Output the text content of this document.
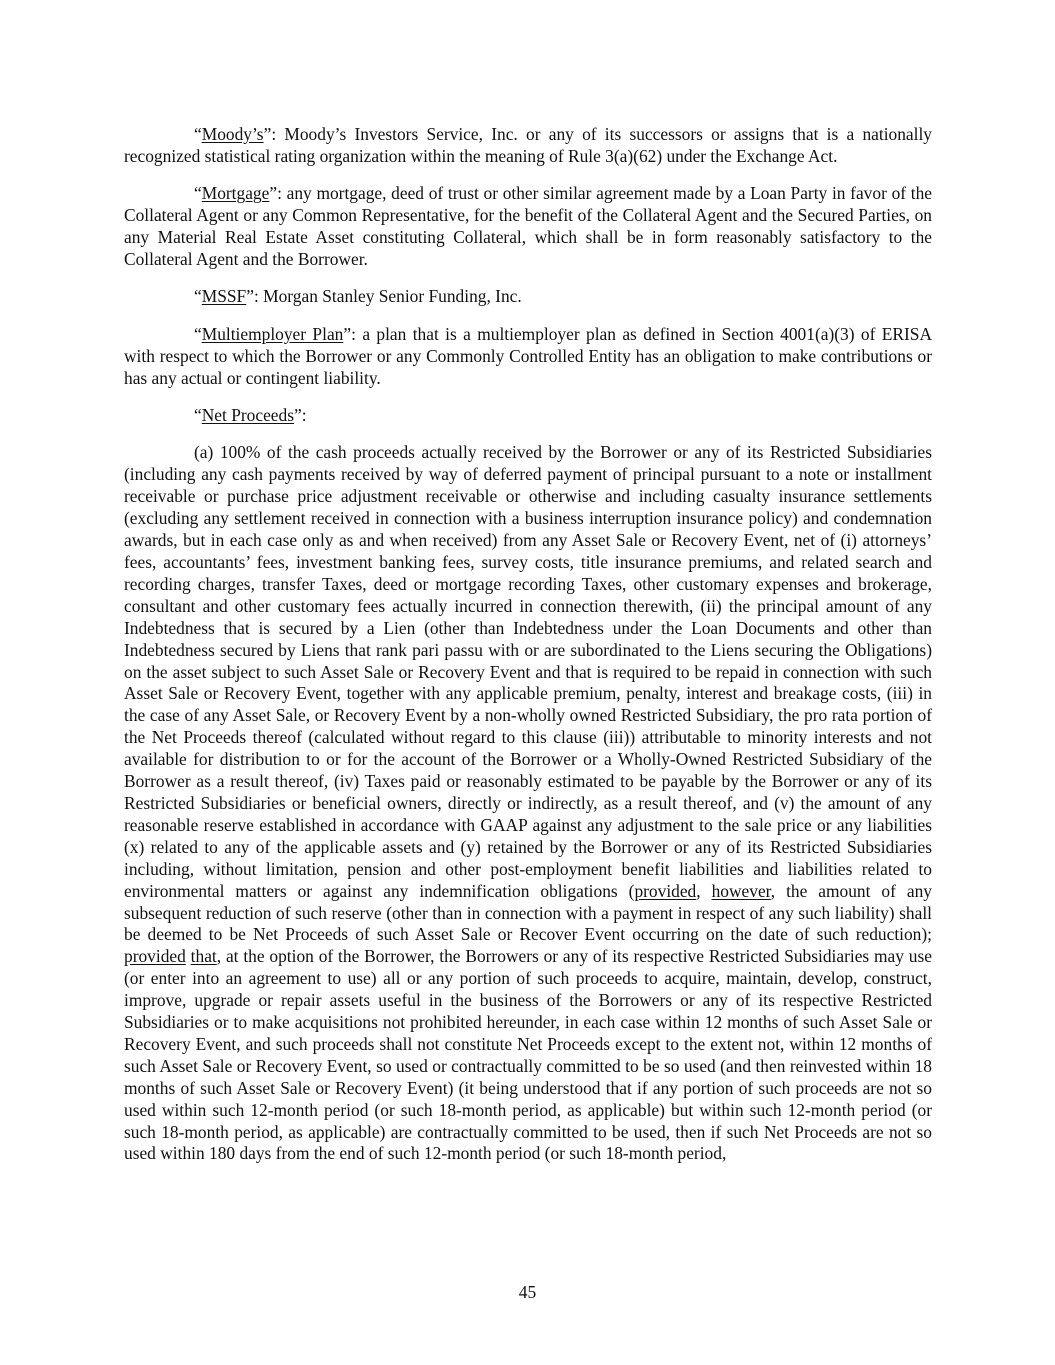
“Moody’s”: Moody’s Investors Service, Inc. or any of its successors or assigns that is a nationally recognized statistical rating organization within the meaning of Rule 3(a)(62) under the Exchange Act.

“Mortgage”: any mortgage, deed of trust or other similar agreement made by a Loan Party in favor of the Collateral Agent or any Common Representative, for the benefit of the Collateral Agent and the Secured Parties, on any Material Real Estate Asset constituting Collateral, which shall be in form reasonably satisfactory to the Collateral Agent and the Borrower.

“MSSF”: Morgan Stanley Senior Funding, Inc.

“Multiemployer Plan”: a plan that is a multiemployer plan as defined in Section 4001(a)(3) of ERISA with respect to which the Borrower or any Commonly Controlled Entity has an obligation to make contributions or has any actual or contingent liability.

“Net Proceeds”:

(a) 100% of the cash proceeds actually received by the Borrower or any of its Restricted Subsidiaries (including any cash payments received by way of deferred payment of principal pursuant to a note or installment receivable or purchase price adjustment receivable or otherwise and including casualty insurance settlements (excluding any settlement received in connection with a business interruption insurance policy) and condemnation awards, but in each case only as and when received) from any Asset Sale or Recovery Event, net of (i) attorneys’ fees, accountants’ fees, investment banking fees, survey costs, title insurance premiums, and related search and recording charges, transfer Taxes, deed or mortgage recording Taxes, other customary expenses and brokerage, consultant and other customary fees actually incurred in connection therewith, (ii) the principal amount of any Indebtedness that is secured by a Lien (other than Indebtedness under the Loan Documents and other than Indebtedness secured by Liens that rank pari passu with or are subordinated to the Liens securing the Obligations) on the asset subject to such Asset Sale or Recovery Event and that is required to be repaid in connection with such Asset Sale or Recovery Event, together with any applicable premium, penalty, interest and breakage costs, (iii) in the case of any Asset Sale, or Recovery Event by a non-wholly owned Restricted Subsidiary, the pro rata portion of the Net Proceeds thereof (calculated without regard to this clause (iii)) attributable to minority interests and not available for distribution to or for the account of the Borrower or a Wholly-Owned Restricted Subsidiary of the Borrower as a result thereof, (iv) Taxes paid or reasonably estimated to be payable by the Borrower or any of its Restricted Subsidiaries or beneficial owners, directly or indirectly, as a result thereof, and (v) the amount of any reasonable reserve established in accordance with GAAP against any adjustment to the sale price or any liabilities (x) related to any of the applicable assets and (y) retained by the Borrower or any of its Restricted Subsidiaries including, without limitation, pension and other post-employment benefit liabilities and liabilities related to environmental matters or against any indemnification obligations (provided, however, the amount of any subsequent reduction of such reserve (other than in connection with a payment in respect of any such liability) shall be deemed to be Net Proceeds of such Asset Sale or Recover Event occurring on the date of such reduction); provided that, at the option of the Borrower, the Borrowers or any of its respective Restricted Subsidiaries may use (or enter into an agreement to use) all or any portion of such proceeds to acquire, maintain, develop, construct, improve, upgrade or repair assets useful in the business of the Borrowers or any of its respective Restricted Subsidiaries or to make acquisitions not prohibited hereunder, in each case within 12 months of such Asset Sale or Recovery Event, and such proceeds shall not constitute Net Proceeds except to the extent not, within 12 months of such Asset Sale or Recovery Event, so used or contractually committed to be so used (and then reinvested within 18 months of such Asset Sale or Recovery Event) (it being understood that if any portion of such proceeds are not so used within such 12-month period (or such 18-month period, as applicable) but within such 12-month period (or such 18-month period, as applicable) are contractually committed to be used, then if such Net Proceeds are not so used within 180 days from the end of such 12-month period (or such 18-month period,

45
